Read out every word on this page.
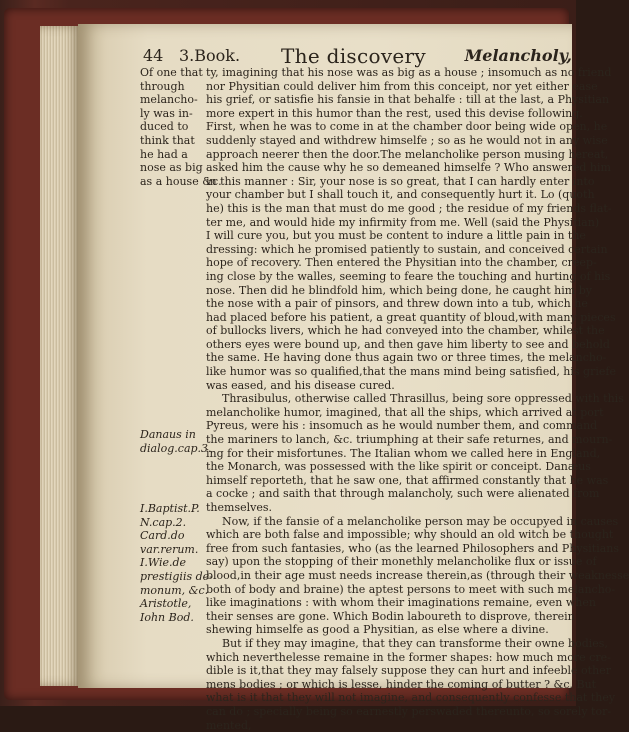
44 3.Book. The discovery Melancholy,
Of one that
through
melancho-
ly was in-
duced to
think that
he had a
nose as big
as a house &c.
Danaus in
dialog.cap.3.
I.Baptist.P.
N.cap.2.
Card.do
var.rerum.
I.Wie.de
prestigiis de-
monum, &c.
Aristotle,
Iohn Bod.
ty, imagining that his nose was as big as a house ; insomuch as no friend
nor Physitian could deliver him from this conceipt, nor yet either ease
his grief, or satisfie his fansie in that behalfe : till at the last, a Physitian
more expert in this humor than the rest, used this devise following.
First, when he was to come in at the chamber door being wide open, he
suddenly stayed and withdrew himselfe ; so as he would not in any wise
approach neerer then the door.The melancholike person musing hereat,
asked him the cause why he so demeaned himselfe ? Who answered him
in this manner : Sir, your nose is so great, that I can hardly enter into
your chamber but I shall touch it, and consequently hurt it. Lo (quoth
he) this is the man that must do me good ; the residue of my friends flat-
ter me, and would hide my infirmity from me. Well (said the Physitian)
I will cure you, but you must be content to indure a little pain in the
dressing: which he promised patiently to sustain, and conceived certain
hope of recovery. Then entered the Physitian into the chamber, creep-
ing close by the walles, seeming to feare the touching and hurting of his
nose. Then did he blindfold him, which being done, he caught him by
the nose with a pair of pinsors, and threw down into a tub, which he
had placed before his patient, a great quantity of bloud,with many pieces
of bullocks livers, which he had conveyed into the chamber, whilest the
others eyes were bound up, and then gave him liberty to see and behold
the same. He having done thus again two or three times, the melancho-
like humor was so qualified,that the mans mind being satisfied, his griefe
was eased, and his disease cured.
Thrasibulus, otherwise called Thrasillus, being sore oppressed with this
melancholike humor, imagined, that all the ships, which arrived at port
Pyreus, were his : insomuch as he would number them, and command
the mariners to lanch, &c. triumphing at their safe returnes, and mourn-
ing for their misfortunes. The Italian whom we called here in England,
the Monarch, was possessed with the like spirit or conceipt. Danæus
himself reporteth, that he saw one, that affirmed constantly that he was
a cocke ; and saith that through malancholy, such were alienated from
themselves.
Now, if the fansie of a melancholike person may be occupyed in causes
which are both false and impossible; why should an old witch be thought
free from such fantasies, who (as the learned Philosophers and Physitians
say) upon the stopping of their monethly melancholike flux or issue of
blood,in their age must needs increase therein,as (through their weaknesse
both of body and braine) the aptest persons to meet with such melancho-
like imaginations : with whom their imaginations remaine, even when
their senses are gone. Which Bodin laboureth to disprove, therein
shewing himselfe as good a Physitian, as else where a divine.
But if they may imagine, that they can transforme their owne bodies,
which neverthelesse remaine in the former shapes: how much more cre-
dible is it,that they may falsely suppose they can hurt and infeeble other
mens bodies ; or which is lesse, hinder the coming of butter ? &c. But
what is it that they will not imagine, and consequently confesse that they
can do ; specially being so earnestly perswaded thereunto, so sorely tor-
mented,
